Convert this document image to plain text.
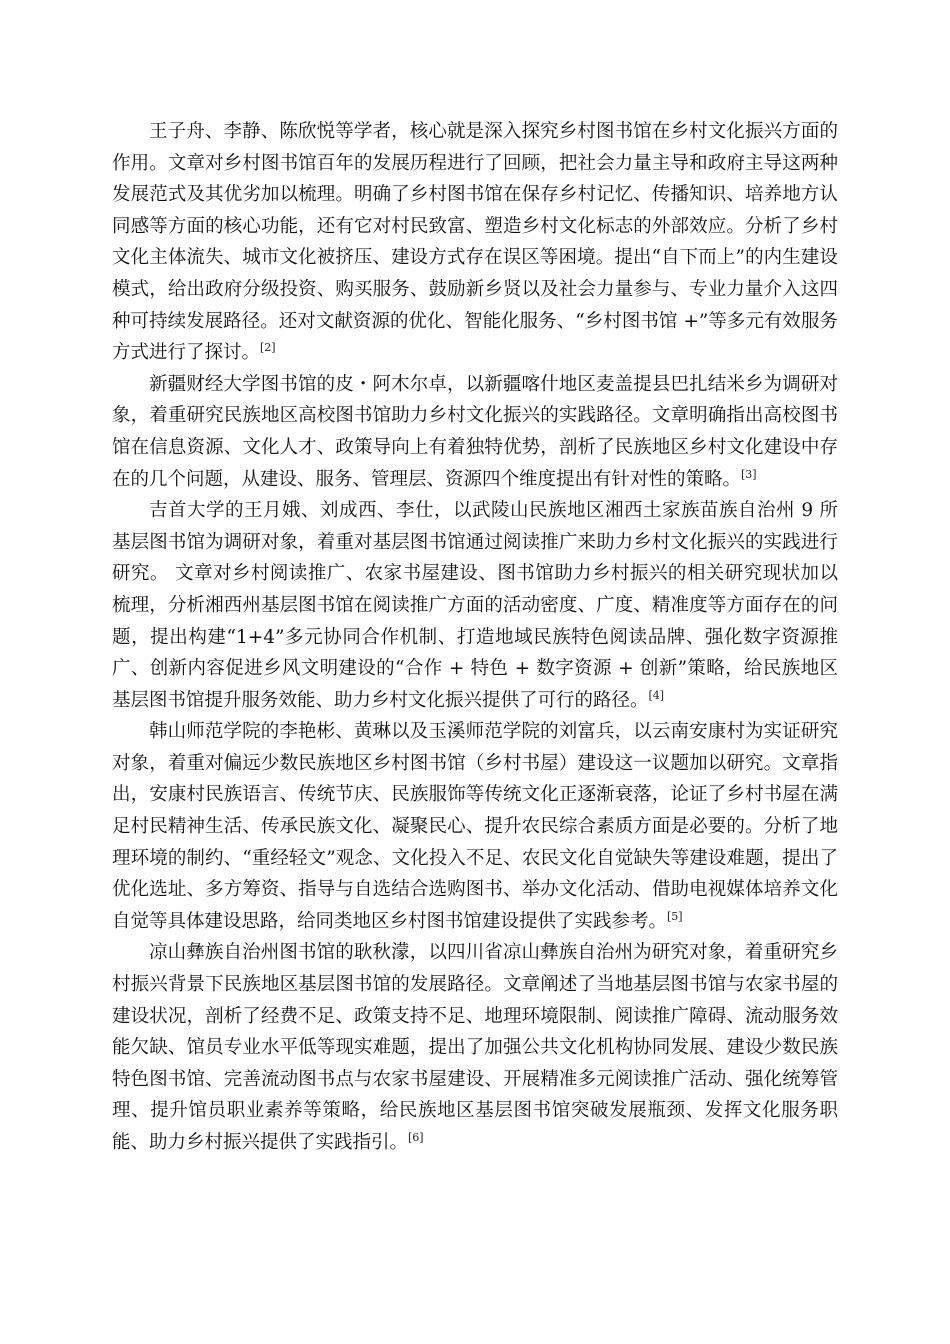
王子舟、李静、陈欣悦等学者，核心就是深入探究乡村图书馆在乡村文化振兴方面的作用。文章对乡村图书馆百年的发展历程进行了回顾，把社会力量主导和政府主导这两种发展范式及其优劣加以梳理。明确了乡村图书馆在保存乡村记忆、传播知识、培养地方认同感等方面的核心功能，还有它对村民致富、塑造乡村文化标志的外部效应。分析了乡村文化主体流失、城市文化被挤压、建设方式存在误区等困境。提出“自下而上”的内生建设模式，给出政府分级投资、购买服务、鼓励新乡贤以及社会力量参与、专业力量介入这四种可持续发展路径。还对文献资源的优化、智能化服务、“乡村图书馆 +”等多元有效服务方式进行了探讨。[2]

新疆财经大学图书馆的皮・阿木尔卓，以新疆喀什地区麦盖提县巴扎结米乡为调研对象，着重研究民族地区高校图书馆助力乡村文化振兴的实践路径。文章明确指出高校图书馆在信息资源、文化人才、政策导向上有着独特优势，剖析了民族地区乡村文化建设中存在的几个问题，从建设、服务、管理层、资源四个维度提出有针对性的策略。[3]

吉首大学的王月娥、刘成西、李仕，以武陵山民族地区湘西土家族苗族自治州 9 所基层图书馆为调研对象，着重对基层图书馆通过阅读推广来助力乡村文化振兴的实践进行研究。 文章对乡村阅读推广、农家书屋建设、图书馆助力乡村振兴的相关研究现状加以梳理，分析湘西州基层图书馆在阅读推广方面的活动密度、广度、精准度等方面存在的问题，提出构建“1+4”多元协同合作机制、打造地域民族特色阅读品牌、强化数字资源推广、创新内容促进乡风文明建设的“合作 + 特色 + 数字资源 + 创新”策略，给民族地区基层图书馆提升服务效能、助力乡村文化振兴提供了可行的路径。[4]

韩山师范学院的李艳彬、黄琳以及玉溪师范学院的刘富兵，以云南安康村为实证研究对象，着重对偏远少数民族地区乡村图书馆（乡村书屋）建设这一议题加以研究。文章指出，安康村民族语言、传统节庆、民族服饰等传统文化正逐渐衰落，论证了乡村书屋在满足村民精神生活、传承民族文化、凝聚民心、提升农民综合素质方面是必要的。分析了地理环境的制约、“重经轻文”观念、文化投入不足、农民文化自觉缺失等建设难题，提出了优化选址、多方筹资、指导与自选结合选购图书、举办文化活动、借助电视媒体培养文化自觉等具体建设思路，给同类地区乡村图书馆建设提供了实践参考。[5]

凉山彝族自治州图书馆的耿秋濛，以四川省凉山彝族自治州为研究对象，着重研究乡村振兴背景下民族地区基层图书馆的发展路径。文章阐述了当地基层图书馆与农家书屋的建设状况，剖析了经费不足、政策支持不足、地理环境限制、阅读推广障碍、流动服务效能欠缺、馆员专业水平低等现实难题，提出了加强公共文化机构协同发展、建设少数民族特色图书馆、完善流动图书点与农家书屋建设、开展精准多元阅读推广活动、强化统筹管理、提升馆员职业素养等策略，给民族地区基层图书馆突破发展瓶颈、发挥文化服务职能、助力乡村振兴提供了实践指引。[6]
